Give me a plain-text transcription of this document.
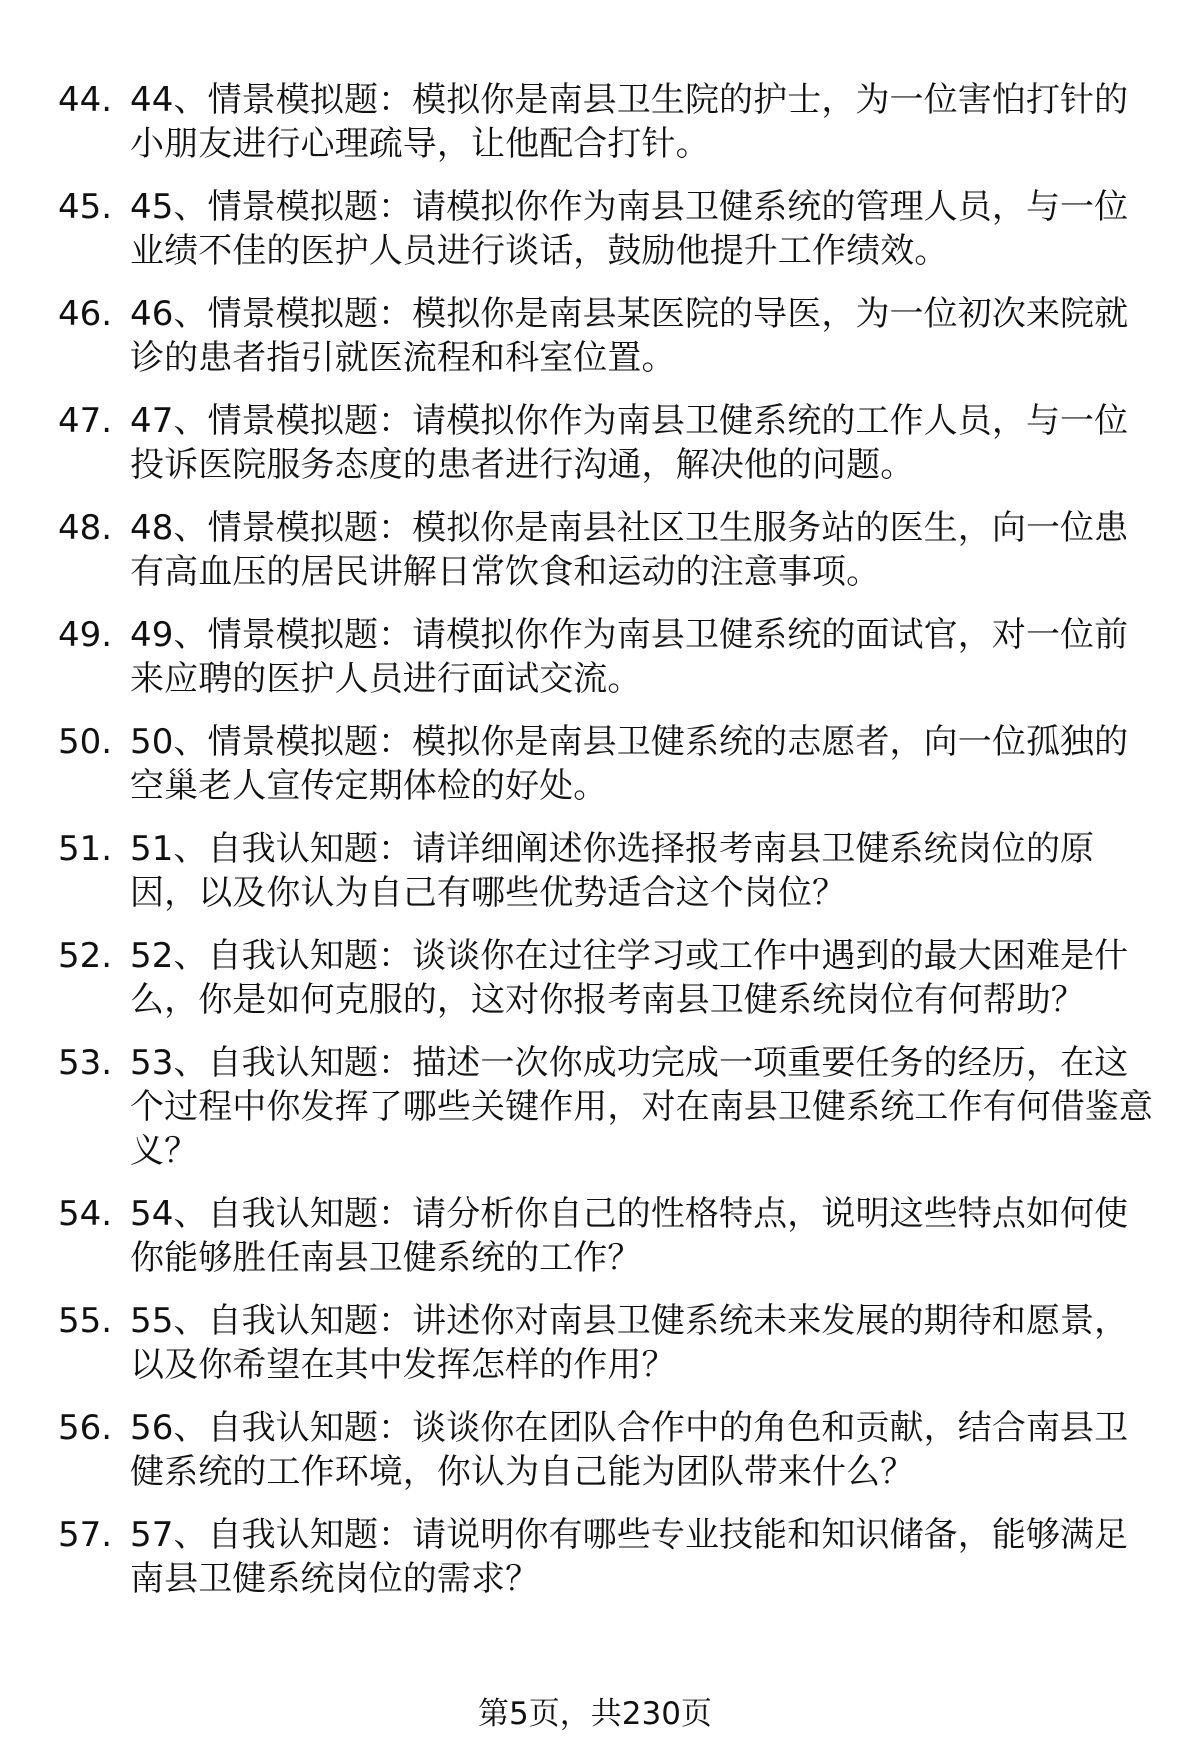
44. 44、情景模拟题：模拟你是南县卫生院的护士，为一位害怕打针的小朋友进行心理疏导，让他配合打针。
45. 45、情景模拟题：请模拟你作为南县卫健系统的管理人员，与一位业绩不佳的医护人员进行谈话，鼓励他提升工作绩效。
46. 46、情景模拟题：模拟你是南县某医院的导医，为一位初次来院就诊的患者指引就医流程和科室位置。
47. 47、情景模拟题：请模拟你作为南县卫健系统的工作人员，与一位投诉医院服务态度的患者进行沟通，解决他的问题。
48. 48、情景模拟题：模拟你是南县社区卫生服务站的医生，向一位患有高血压的居民讲解日常饮食和运动的注意事项。
49. 49、情景模拟题：请模拟你作为南县卫健系统的面试官，对一位前来应聘的医护人员进行面试交流。
50. 50、情景模拟题：模拟你是南县卫健系统的志愿者，向一位孤独的空巢老人宣传定期体检的好处。
51. 51、自我认知题：请详细阐述你选择报考南县卫健系统岗位的原因，以及你认为自己有哪些优势适合这个岗位？
52. 52、自我认知题：谈谈你在过往学习或工作中遇到的最大困难是什么，你是如何克服的，这对你报考南县卫健系统岗位有何帮助？
53. 53、自我认知题：描述一次你成功完成一项重要任务的经历，在这个过程中你发挥了哪些关键作用，对在南县卫健系统工作有何借鉴意义？
54. 54、自我认知题：请分析你自己的性格特点，说明这些特点如何使你能够胜任南县卫健系统的工作？
55. 55、自我认知题：讲述你对南县卫健系统未来发展的期待和愿景，以及你希望在其中发挥怎样的作用？
56. 56、自我认知题：谈谈你在团队合作中的角色和贡献，结合南县卫健系统的工作环境，你认为自己能为团队带来什么？
57. 57、自我认知题：请说明你有哪些专业技能和知识储备，能够满足南县卫健系统岗位的需求？
第5页，共230页
